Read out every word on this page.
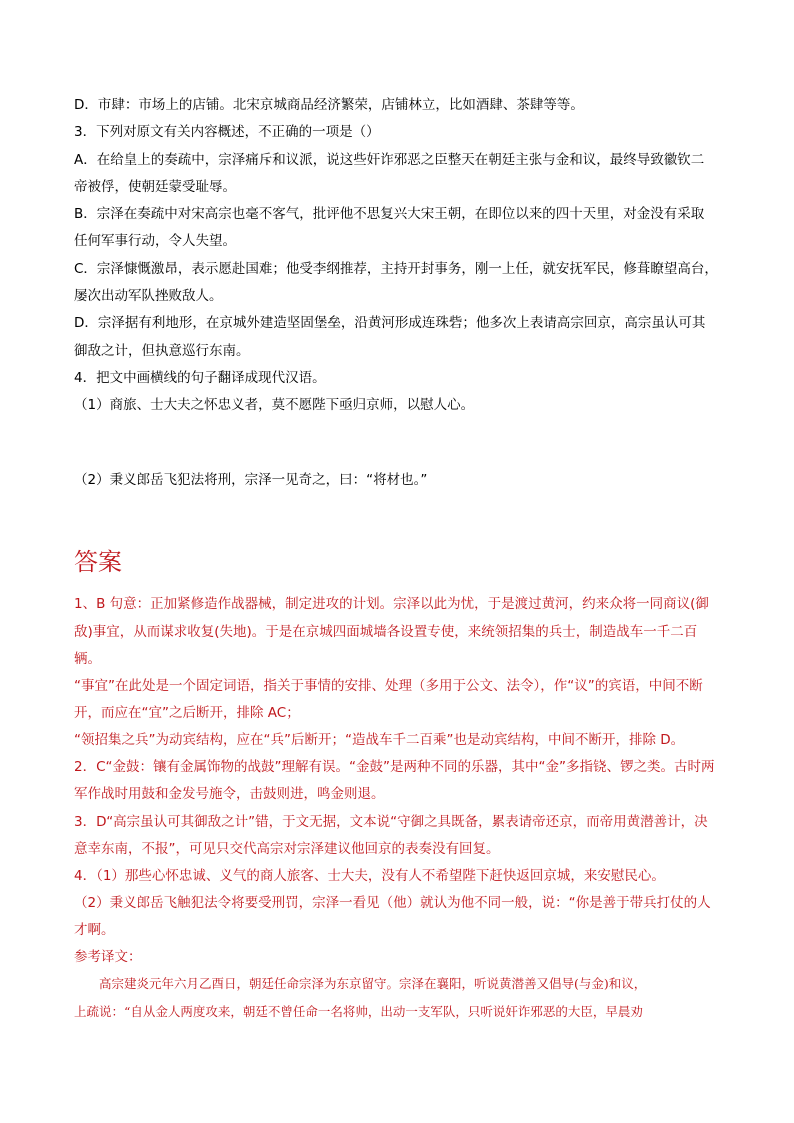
D．市肆：市场上的店铺。北宋京城商品经济繁荣，店铺林立，比如酒肆、茶肆等等。
3．下列对原文有关内容概述，不正确的一项是（）
A．在给皇上的奏疏中，宗泽痛斥和议派，说这些奸诈邪恶之臣整天在朝廷主张与金和议，最终导致徽钦二
帝被俘，使朝廷蒙受耻辱。
B．宗泽在奏疏中对宋高宗也毫不客气，批评他不思复兴大宋王朝，在即位以来的四十天里，对金没有采取
任何军事行动，令人失望。
C．宗泽慷慨激昂，表示愿赴国难；他受李纲推荐，主持开封事务，刚一上任，就安抚军民，修葺瞭望高台，
屡次出动军队挫败敌人。
D．宗泽据有利地形，在京城外建造坚固堡垒，沿黄河形成连珠砦；他多次上表请高宗回京，高宗虽认可其
御敌之计，但执意巡行东南。
4．把文中画横线的句子翻译成现代汉语。
（1）商旅、士大夫之怀忠义者，莫不愿陛下亟归京师，以慰人心。
（2）秉义郎岳飞犯法将刑，宗泽一见奇之，曰：“将材也。”
答案
1、B 句意：正加紧修造作战器械，制定进攻的计划。宗泽以此为忧，于是渡过黄河，约来众将一同商议(御
敌)事宜，从而谋求收复(失地)。于是在京城四面城墙各设置专使，来统领招集的兵士，制造战车一千二百
辆。
“事宜”在此处是一个固定词语，指关于事情的安排、处理（多用于公文、法令），作“议”的宾语，中间不断
开，而应在“宜”之后断开，排除 AC；
“领招集之兵”为动宾结构，应在“兵”后断开；“造战车千二百乘”也是动宾结构，中间不断开，排除 D。
2．C“金鼓：镶有金属饰物的战鼓”理解有误。“金鼓”是两种不同的乐器，其中“金”多指铙、锣之类。古时两
军作战时用鼓和金发号施令，击鼓则进，鸣金则退。
3．D“高宗虽认可其御敌之计”错，于文无据，文本说“守御之具既备，累表请帝还京，而帝用黄潜善计，决
意幸东南，不报”，可见只交代高宗对宗泽建议他回京的表奏没有回复。
4．（1）那些心怀忠诚、义气的商人旅客、士大夫，没有人不希望陛下赶快返回京城，来安慰民心。
（2）秉义郎岳飞触犯法令将要受刑罚，宗泽一看见（他）就认为他不同一般，说：“你是善于带兵打仗的人
才啊。
参考译文：
　　高宗建炎元年六月乙酉日，朝廷任命宗泽为东京留守。宗泽在襄阳，听说黄潜善又倡导(与金)和议，
上疏说：“自从金人两度攻来，朝廷不曾任命一名将帅，出动一支军队，只听说奸诈邪恶的大臣，早晨劝
